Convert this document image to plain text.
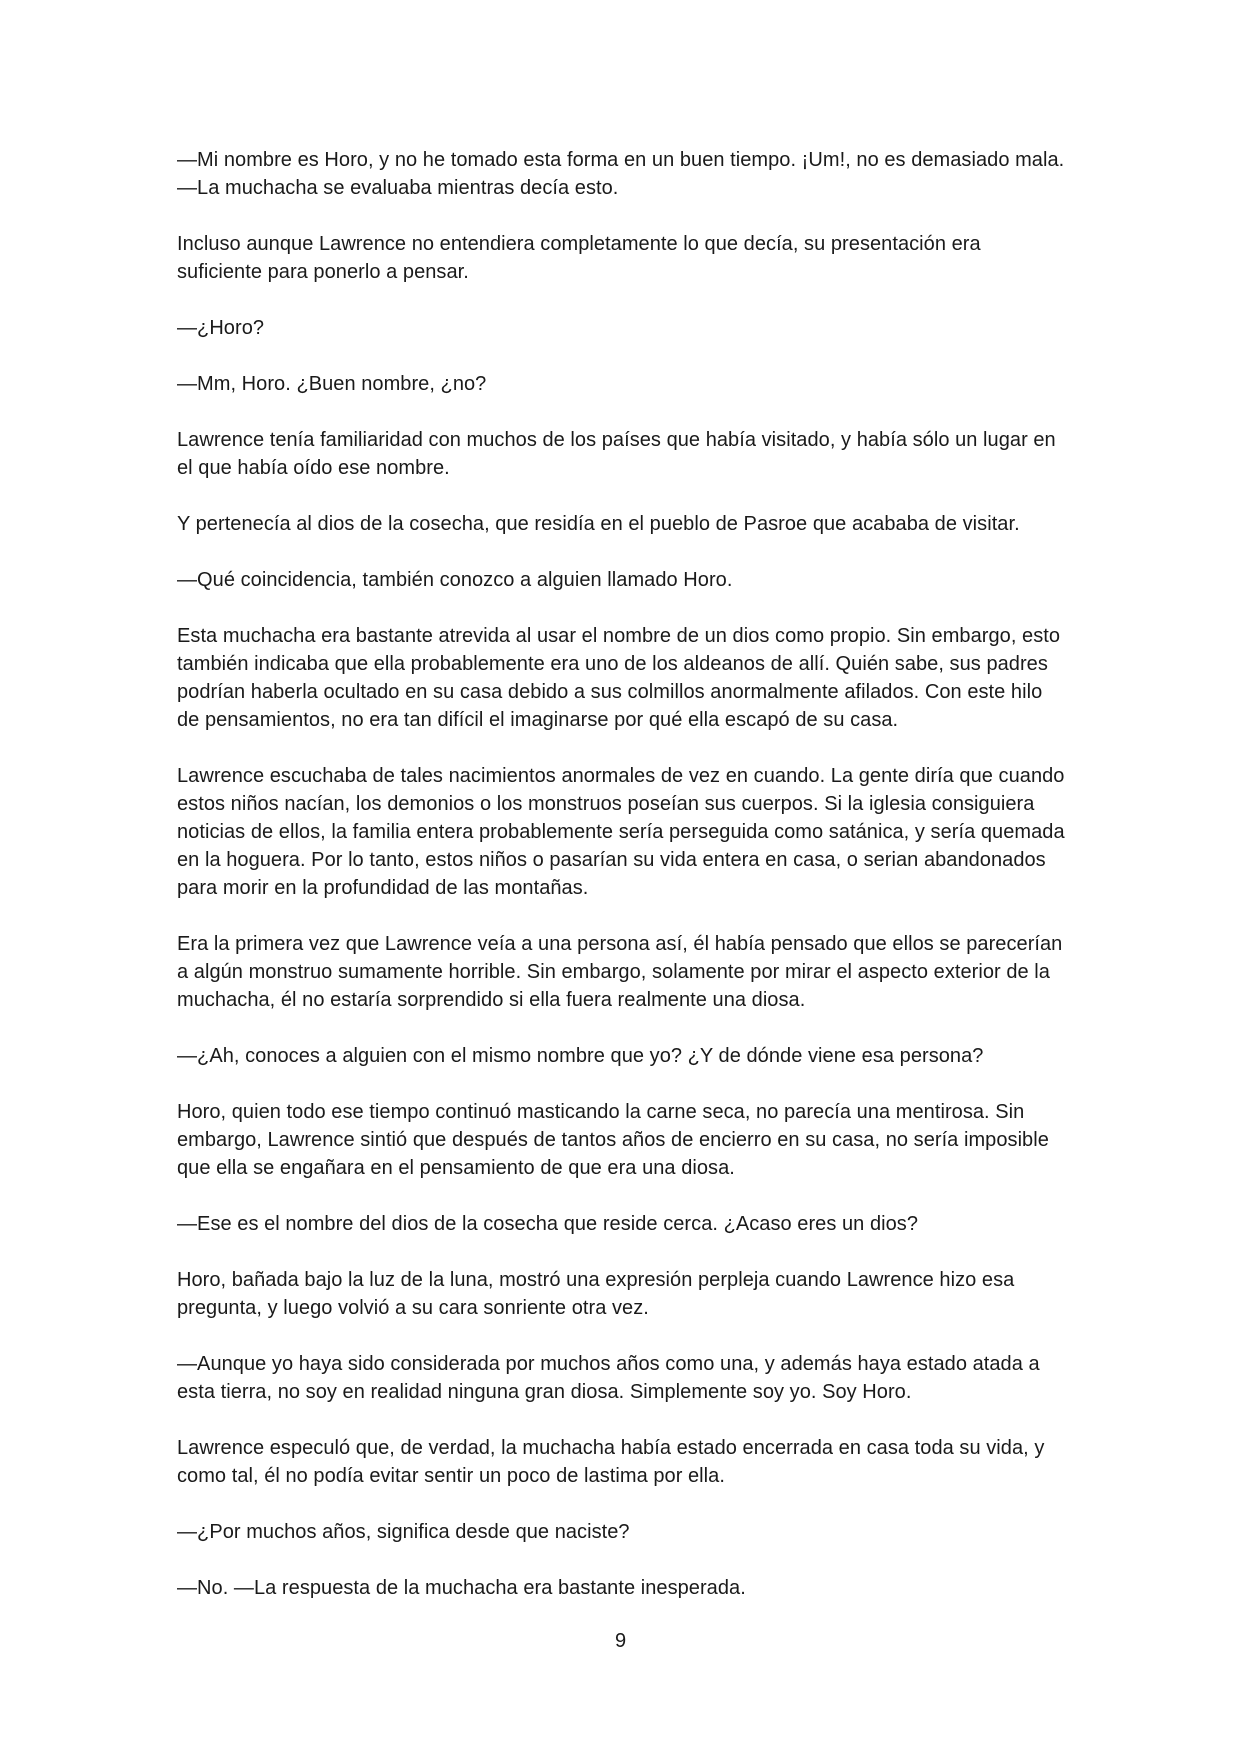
—Mi nombre es Horo, y no he tomado esta forma en un buen tiempo. ¡Um!, no es demasiado mala. —La muchacha se evaluaba mientras decía esto.

Incluso aunque Lawrence no entendiera completamente lo que decía, su presentación era suficiente para ponerlo a pensar.

—¿Horo?

—Mm, Horo. ¿Buen nombre, ¿no?

Lawrence tenía familiaridad con muchos de los países que había visitado, y había sólo un lugar en el que había oído ese nombre.

Y pertenecía al dios de la cosecha, que residía en el pueblo de Pasroe que acababa de visitar.

—Qué coincidencia, también conozco a alguien llamado Horo.

Esta muchacha era bastante atrevida al usar el nombre de un dios como propio. Sin embargo, esto también indicaba que ella probablemente era uno de los aldeanos de allí. Quién sabe, sus padres podrían haberla ocultado en su casa debido a sus colmillos anormalmente afilados. Con este hilo de pensamientos, no era tan difícil el imaginarse por qué ella escapó de su casa.

Lawrence escuchaba de tales nacimientos anormales de vez en cuando. La gente diría que cuando estos niños nacían, los demonios o los monstruos poseían sus cuerpos. Si la iglesia consiguiera noticias de ellos, la familia entera probablemente sería perseguida como satánica, y sería quemada en la hoguera. Por lo tanto, estos niños o pasarían su vida entera en casa, o serian abandonados para morir en la profundidad de las montañas.

Era la primera vez que Lawrence veía a una persona así, él había pensado que ellos se parecerían a algún monstruo sumamente horrible. Sin embargo, solamente por mirar el aspecto exterior de la muchacha, él no estaría sorprendido si ella fuera realmente una diosa.

—¿Ah, conoces a alguien con el mismo nombre que yo? ¿Y de dónde viene esa persona?

Horo, quien todo ese tiempo continuó masticando la carne seca, no parecía una mentirosa. Sin embargo, Lawrence sintió que después de tantos años de encierro en su casa, no sería imposible que ella se engañara en el pensamiento de que era una diosa.

—Ese es el nombre del dios de la cosecha que reside cerca. ¿Acaso eres un dios?

Horo, bañada bajo la luz de la luna, mostró una expresión perpleja cuando Lawrence hizo esa pregunta, y luego volvió a su cara sonriente otra vez.

—Aunque yo haya sido considerada por muchos años como una, y además haya estado atada a esta tierra, no soy en realidad ninguna gran diosa. Simplemente soy yo. Soy Horo.

Lawrence especuló que, de verdad, la muchacha había estado encerrada en casa toda su vida, y como tal, él no podía evitar sentir un poco de lastima por ella.

—¿Por muchos años, significa desde que naciste?

—No. —La respuesta de la muchacha era bastante inesperada.

9
